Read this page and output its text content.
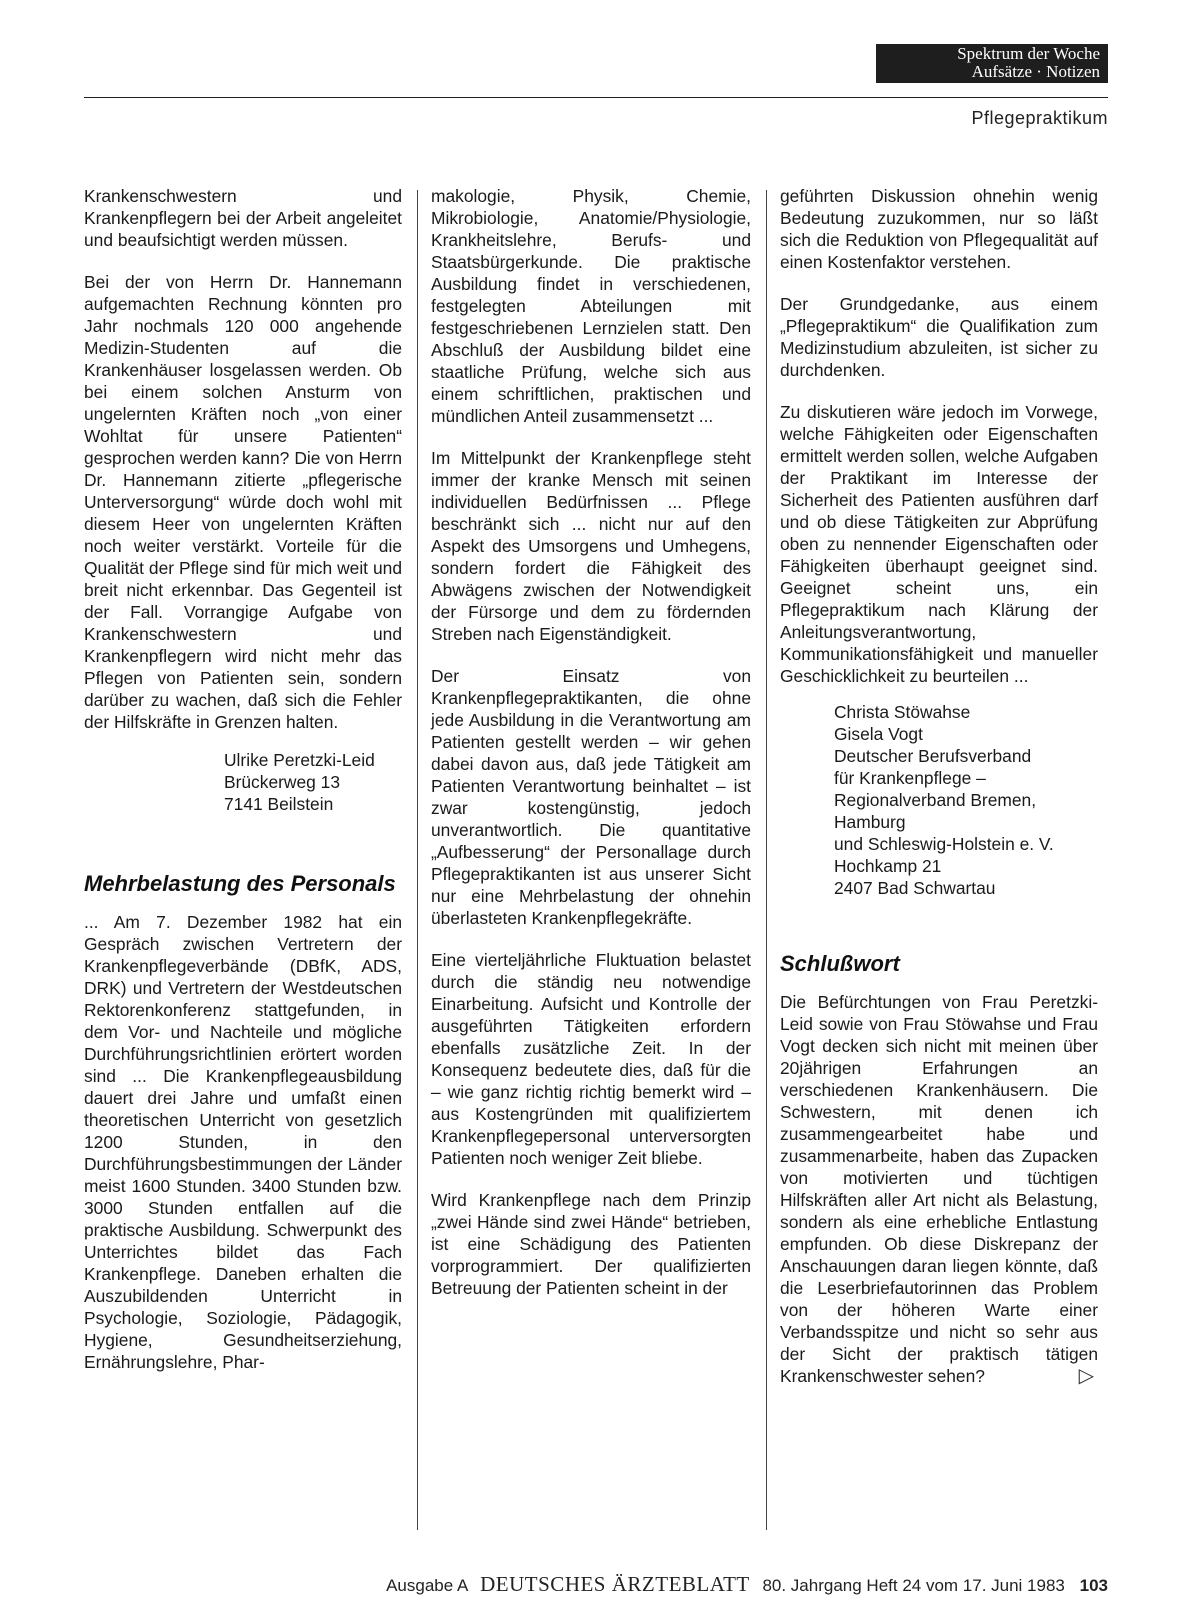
Spektrum der Woche
Aufsätze · Notizen
Pflegepraktikum

Krankenschwestern und Krankenpflegern bei der Arbeit angeleitet und beaufsichtigt werden müssen.

Bei der von Herrn Dr. Hannemann aufgemachten Rechnung könnten pro Jahr nochmals 120 000 angehende Medizin-Studenten auf die Krankenhäuser losgelassen werden. Ob bei einem solchen Ansturm von ungelernten Kräften noch „von einer Wohltat für unsere Patienten“ gesprochen werden kann? Die von Herrn Dr. Hannemann zitierte „pflegerische Unterversorgung“ würde doch wohl mit diesem Heer von ungelernten Kräften noch weiter verstärkt. Vorteile für die Qualität der Pflege sind für mich weit und breit nicht erkennbar. Das Gegenteil ist der Fall. Vorrangige Aufgabe von Krankenschwestern und Krankenpflegern wird nicht mehr das Pflegen von Patienten sein, sondern darüber zu wachen, daß sich die Fehler der Hilfskräfte in Grenzen halten.

Ulrike Peretzki-Leid
Brückerweg 13
7141 Beilstein
Mehrbelastung des Personals

... Am 7. Dezember 1982 hat ein Gespräch zwischen Vertretern der Krankenpflegeverbände (DBfK, ADS, DRK) und Vertretern der Westdeutschen Rektorenkonferenz stattgefunden, in dem Vor- und Nachteile und mögliche Durchführungsrichtlinien erörtert worden sind ... Die Krankenpflegeausbildung dauert drei Jahre und umfaßt einen theoretischen Unterricht von gesetzlich 1200 Stunden, in den Durchführungsbestimmungen der Länder meist 1600 Stunden. 3400 Stunden bzw. 3000 Stunden entfallen auf die praktische Ausbildung. Schwerpunkt des Unterrichtes bildet das Fach Krankenpflege. Daneben erhalten die Auszubildenden Unterricht in Psychologie, Soziologie, Pädagogik, Hygiene, Gesundheitserziehung, Ernährungslehre, Phar-

makologie, Physik, Chemie, Mikrobiologie, Anatomie/Physiologie, Krankheitslehre, Berufs- und Staatsbürgerkunde. Die praktische Ausbildung findet in verschiedenen, festgelegten Abteilungen mit festgeschriebenen Lernzielen statt. Den Abschluß der Ausbildung bildet eine staatliche Prüfung, welche sich aus einem schriftlichen, praktischen und mündlichen Anteil zusammensetzt ...

Im Mittelpunkt der Krankenpflege steht immer der kranke Mensch mit seinen individuellen Bedürfnissen ... Pflege beschränkt sich ... nicht nur auf den Aspekt des Umsorgens und Umhegens, sondern fordert die Fähigkeit des Abwägens zwischen der Notwendigkeit der Fürsorge und dem zu fördernden Streben nach Eigenständigkeit.

Der Einsatz von Krankenpflegepraktikanten, die ohne jede Ausbildung in die Verantwortung am Patienten gestellt werden – wir gehen dabei davon aus, daß jede Tätigkeit am Patienten Verantwortung beinhaltet – ist zwar kostengünstig, jedoch unverantwortlich. Die quantitative „Aufbesserung“ der Personallage durch Pflegepraktikanten ist aus unserer Sicht nur eine Mehrbelastung der ohnehin überlasteten Krankenpflegekräfte.

Eine vierteljährliche Fluktuation belastet durch die ständig neu notwendige Einarbeitung. Aufsicht und Kontrolle der ausgeführten Tätigkeiten erfordern ebenfalls zusätzliche Zeit. In der Konsequenz bedeutete dies, daß für die – wie ganz richtig richtig bemerkt wird – aus Kostengründen mit qualifiziertem Krankenpflegepersonal unterversorgten Patienten noch weniger Zeit bliebe.

Wird Krankenpflege nach dem Prinzip „zwei Hände sind zwei Hände“ betrieben, ist eine Schädigung des Patienten vorprogrammiert. Der qualifizierten Betreuung der Patienten scheint in der

geführten Diskussion ohnehin wenig Bedeutung zuzukommen, nur so läßt sich die Reduktion von Pflegequalität auf einen Kostenfaktor verstehen.

Der Grundgedanke, aus einem „Pflegepraktikum“ die Qualifikation zum Medizinstudium abzuleiten, ist sicher zu durchdenken.

Zu diskutieren wäre jedoch im Vorwege, welche Fähigkeiten oder Eigenschaften ermittelt werden sollen, welche Aufgaben der Praktikant im Interesse der Sicherheit des Patienten ausführen darf und ob diese Tätigkeiten zur Abprüfung oben zu nennender Eigenschaften oder Fähigkeiten überhaupt geeignet sind. Geeignet scheint uns, ein Pflegepraktikum nach Klärung der Anleitungsverantwortung, Kommunikationsfähigkeit und manueller Geschicklichkeit zu beurteilen ...

Christa Stöwahse
Gisela Vogt
Deutscher Berufsverband
für Krankenpflege –
Regionalverband Bremen,
Hamburg
und Schleswig-Holstein e. V.
Hochkamp 21
2407 Bad Schwartau
Schlußwort

Die Befürchtungen von Frau Peretzki-Leid sowie von Frau Stöwahse und Frau Vogt decken sich nicht mit meinen über 20jährigen Erfahrungen an verschiedenen Krankenhäusern. Die Schwestern, mit denen ich zusammengearbeitet habe und zusammenarbeite, haben das Zupacken von motivierten und tüchtigen Hilfskräften aller Art nicht als Belastung, sondern als eine erhebliche Entlastung empfunden. Ob diese Diskrepanz der Anschauungen daran liegen könnte, daß die Leserbriefautorinnen das Problem von der höheren Warte einer Verbandsspitze und nicht so sehr aus der Sicht der praktisch tätigen Krankenschwester sehen?	▷

Ausgabe A DEUTSCHES ÄRZTEBLATT 80. Jahrgang Heft 24 vom 17. Juni 1983 103
